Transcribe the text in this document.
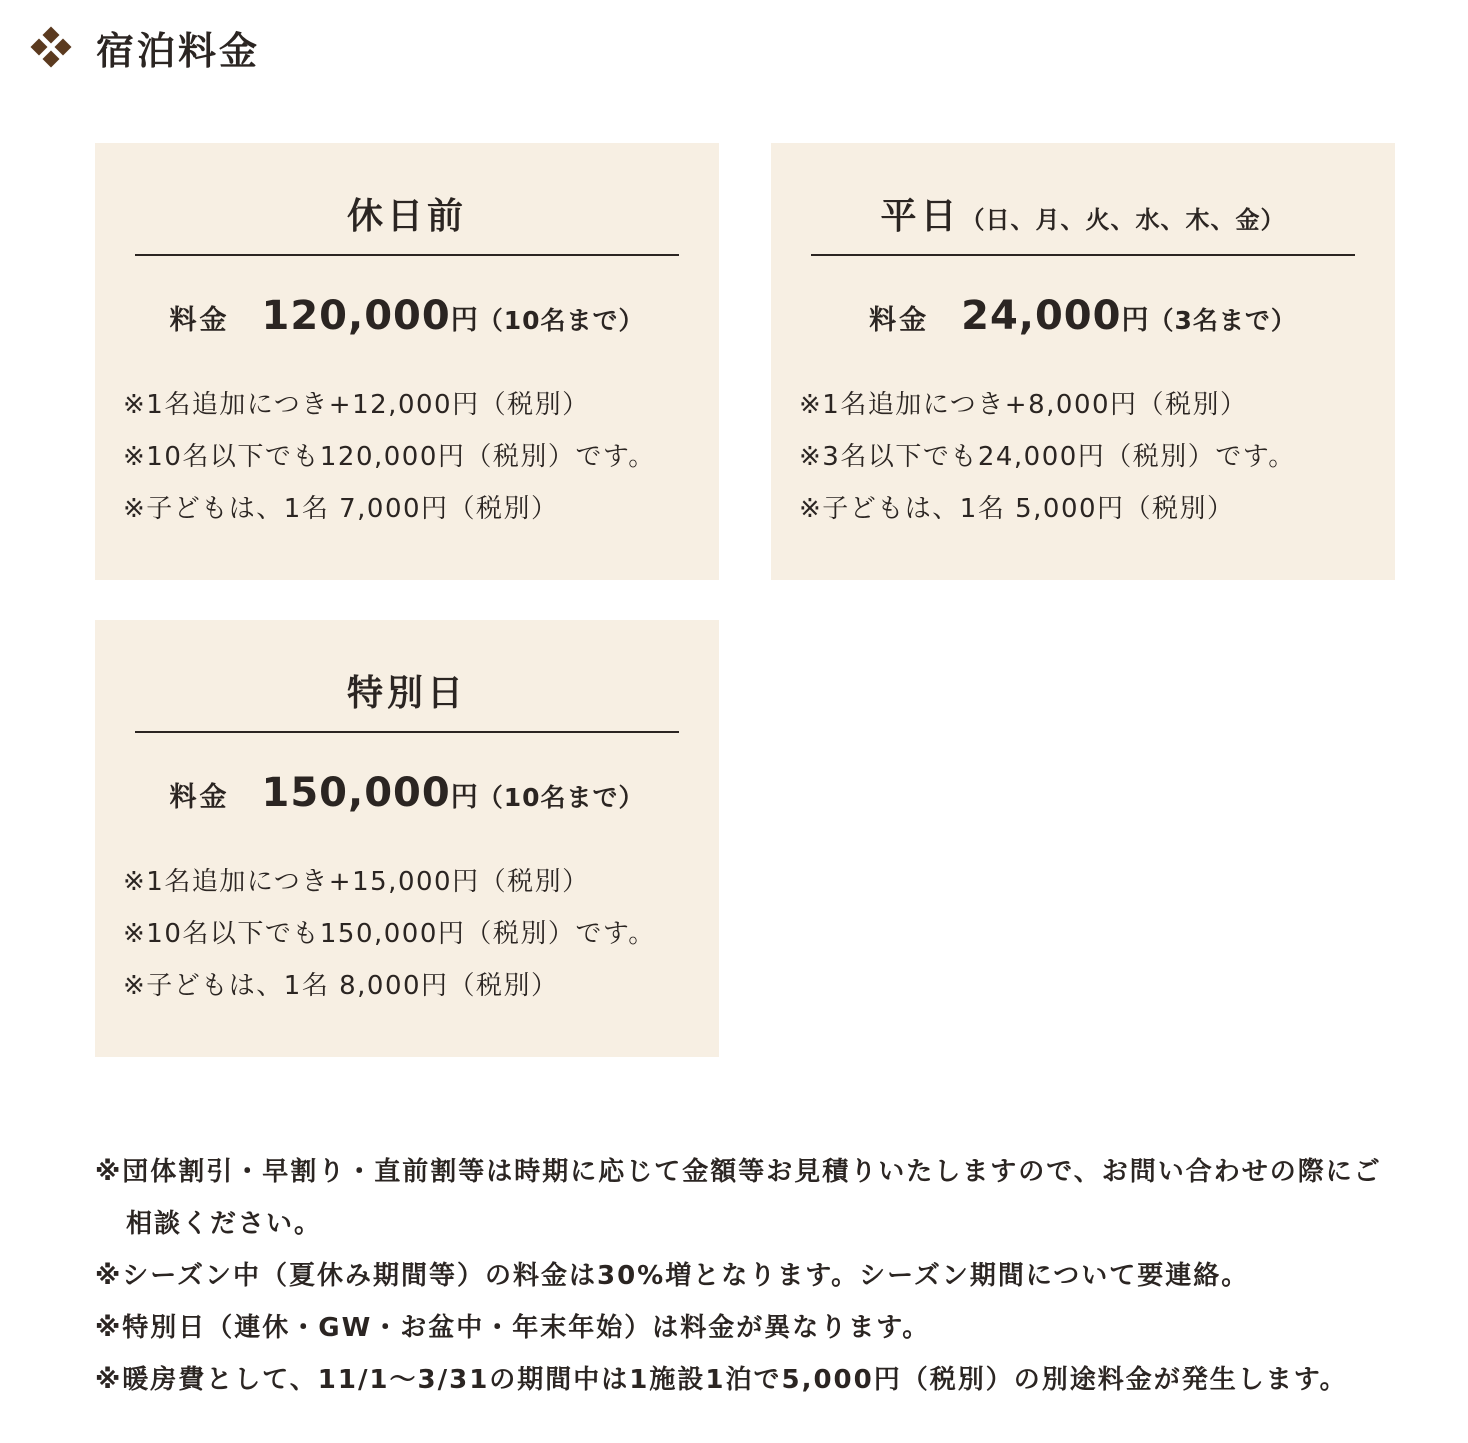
宿泊料金
休日前
料金 120,000円（10名まで）
※1名追加につき+12,000円（税別）
※10名以下でも120,000円（税別）です。
※子どもは、1名 7,000円（税別）
平日（日、月、火、水、木、金）
料金 24,000円（3名まで）
※1名追加につき+8,000円（税別）
※3名以下でも24,000円（税別）です。
※子どもは、1名 5,000円（税別）
特別日
料金 150,000円（10名まで）
※1名追加につき+15,000円（税別）
※10名以下でも150,000円（税別）です。
※子どもは、1名 8,000円（税別）
※団体割引・早割り・直前割等は時期に応じて金額等お見積りいたしますので、お問い合わせの際にご相談ください。
※シーズン中（夏休み期間等）の料金は30%増となります。シーズン期間について要連絡。
※特別日（連休・GW・お盆中・年末年始）は料金が異なります。
※暖房費として、11/1～3/31の期間中は1施設1泊で5,000円（税別）の別途料金が発生します。
